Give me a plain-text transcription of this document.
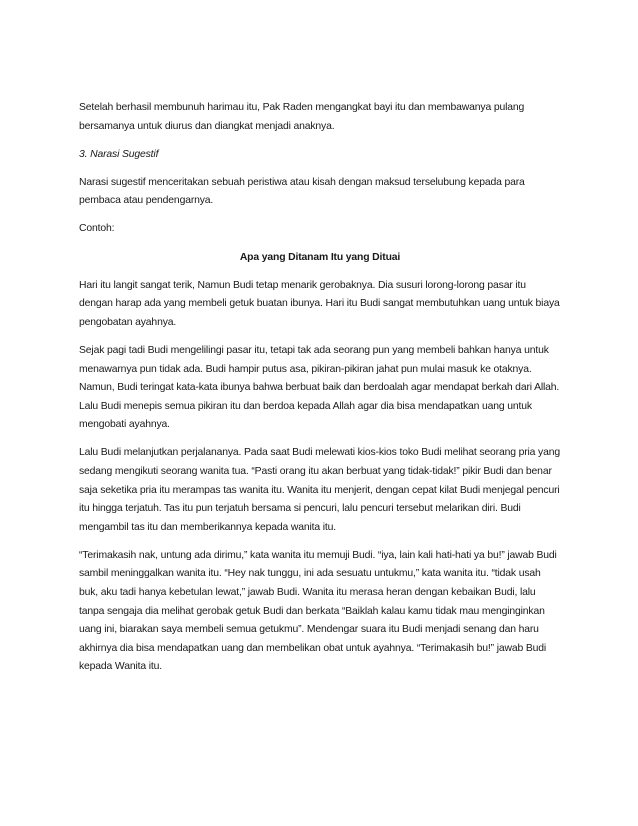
Setelah berhasil membunuh harimau itu, Pak Raden mengangkat bayi itu dan membawanya pulang bersamanya untuk diurus dan diangkat menjadi anaknya.

3. Narasi Sugestif

Narasi sugestif menceritakan sebuah peristiwa atau kisah dengan maksud terselubung kepada para pembaca atau pendengarnya.

Contoh:

Apa yang Ditanam Itu yang Dituai

Hari itu langit sangat terik, Namun Budi tetap menarik gerobaknya. Dia susuri lorong-lorong pasar itu dengan harap ada yang membeli getuk buatan ibunya. Hari itu Budi sangat membutuhkan uang untuk biaya pengobatan ayahnya.

Sejak pagi tadi Budi mengelilingi pasar itu, tetapi tak ada seorang pun yang membeli bahkan hanya untuk menawarnya pun tidak ada. Budi hampir putus asa, pikiran-pikiran jahat pun mulai masuk ke otaknya. Namun, Budi teringat kata-kata ibunya bahwa berbuat baik dan berdoalah agar mendapat berkah dari Allah. Lalu Budi menepis semua pikiran itu dan berdoa kepada Allah agar dia bisa mendapatkan uang untuk mengobati ayahnya.

Lalu Budi melanjutkan perjalananya. Pada saat Budi melewati kios-kios toko Budi melihat seorang pria yang sedang mengikuti seorang wanita tua. “Pasti orang itu akan berbuat yang tidak-tidak!” pikir Budi dan benar saja seketika pria itu merampas tas wanita itu. Wanita itu menjerit, dengan cepat kilat Budi menjegal pencuri itu hingga terjatuh. Tas itu pun terjatuh bersama si pencuri, lalu pencuri tersebut melarikan diri. Budi mengambil tas itu dan memberikannya kepada wanita itu.

“Terimakasih nak, untung ada dirimu,” kata wanita itu memuji Budi. “iya, lain kali hati-hati ya bu!” jawab Budi sambil meninggalkan wanita itu. “Hey nak tunggu, ini ada sesuatu untukmu,” kata wanita itu. “tidak usah buk, aku tadi hanya kebetulan lewat,” jawab Budi. Wanita itu merasa heran dengan kebaikan Budi, lalu tanpa sengaja dia melihat gerobak getuk Budi dan berkata “Baiklah kalau kamu tidak mau menginginkan uang ini, biarakan saya membeli semua getukmu”. Mendengar suara itu Budi menjadi senang dan haru akhirnya dia bisa mendapatkan uang dan membelikan obat untuk ayahnya. “Terimakasih bu!” jawab Budi kepada Wanita itu.
